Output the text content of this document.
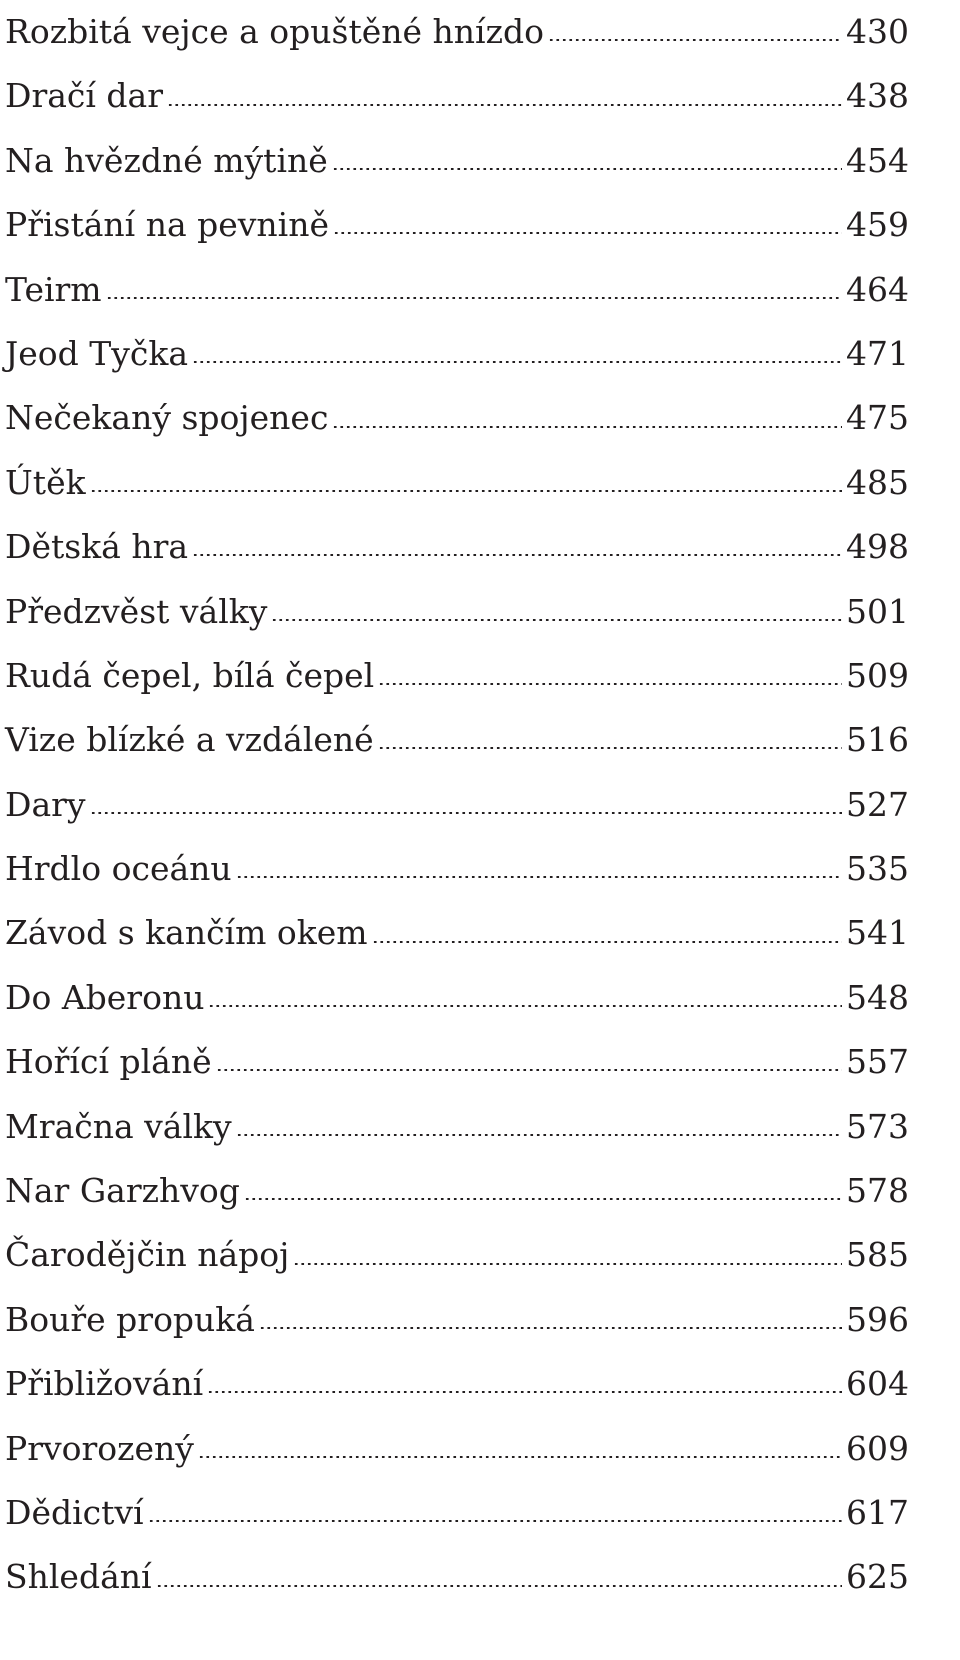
Rozbitá vejce a opuštěné hnízdo	430
Dračí dar	438
Na hvězdné mýtině	454
Přistání na pevnině	459
Teirm	464
Jeod Tyčka	471
Nečekaný spojenec	475
Útěk	485
Dětská hra	498
Předzvěst války	501
Rudá čepel, bílá čepel	509
Vize blízké a vzdálené	516
Dary	527
Hrdlo oceánu	535
Závod s kančím okem	541
Do Aberonu	548
Hořící pláně	557
Mračna války	573
Nar Garzhvog	578
Čarodějčin nápoj	585
Bouře propuká	596
Přibližování	604
Prvorozený	609
Dědictví	617
Shledání	625
